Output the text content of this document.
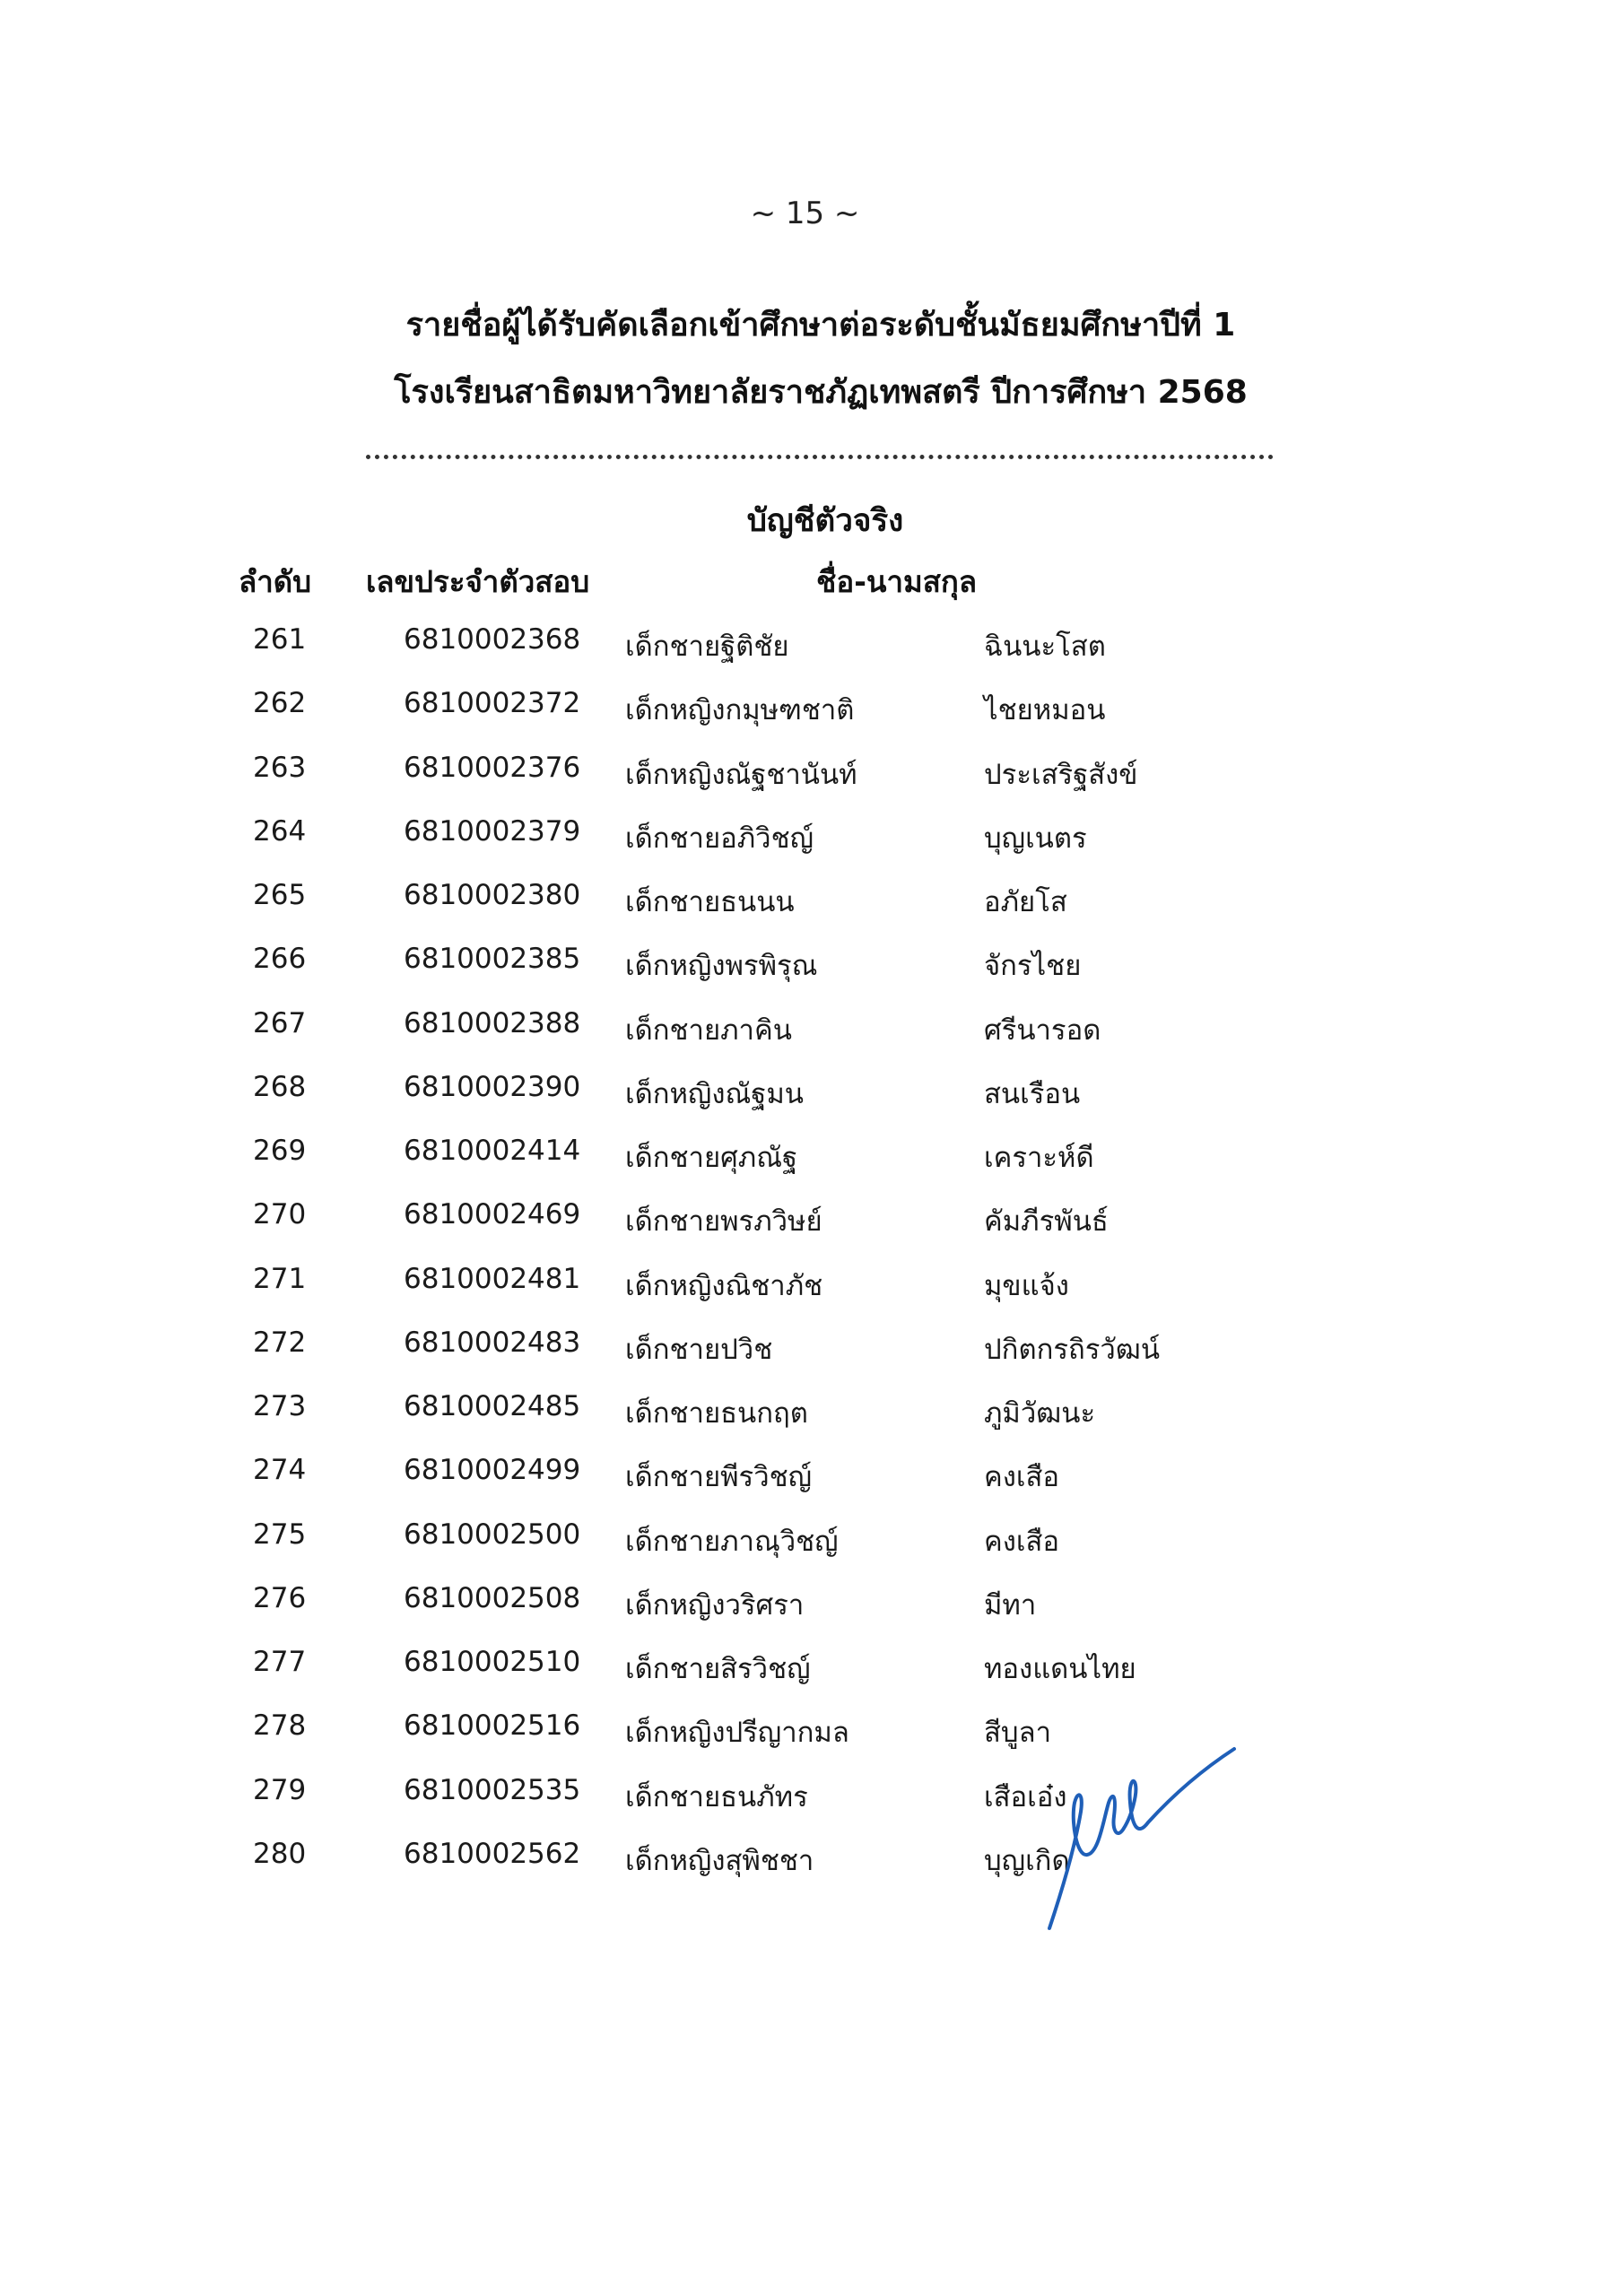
~ 15 ~
รายชื่อผู้ได้รับคัดเลือกเข้าศึกษาต่อระดับชั้นมัธยมศึกษาปีที่ 1
โรงเรียนสาธิตมหาวิทยาลัยราชภัฏเทพสตรี ปีการศึกษา 2568
บัญชีตัวจริง
ลำดับ เลขประจำตัวสอบ	ชื่อ-นามสกุล
261	6810002368 เด็กชายฐิติชัย	ฉินนะโสต
262	6810002372 เด็กหญิงกมุษฑชาติ	ไชยหมอน
263	6810002376 เด็กหญิงณัฐชานันท์	ประเสริฐสังข์
264	6810002379 เด็กชายอภิวิชญ์	บุญเนตร
265	6810002380 เด็กชายธนนน	อภัยโส
266	6810002385 เด็กหญิงพรพิรุณ	จักรไชย
267	6810002388 เด็กชายภาคิน	ศรีนารอด
268	6810002390 เด็กหญิงณัฐมน	สนเรือน
269	6810002414 เด็กชายศุภณัฐ	เคราะห์ดี
270	6810002469 เด็กชายพรภวิษย์	คัมภีรพันธ์
271	6810002481 เด็กหญิงณิชาภัช	มุขแจ้ง
272	6810002483 เด็กชายปวิช	ปกิตกรถิรวัฒน์
273	6810002485 เด็กชายธนกฤต	ภูมิวัฒนะ
274	6810002499 เด็กชายพีรวิชญ์	คงเสือ
275	6810002500 เด็กชายภาณุวิชญ์	คงเสือ
276	6810002508 เด็กหญิงวริศรา	มีทา
277	6810002510 เด็กชายสิรวิชญ์	ทองแดนไทย
278	6810002516 เด็กหญิงปรีญากมล	สีบูลา
279	6810002535 เด็กชายธนภัทร	เสือเอ๋ง
280	6810002562 เด็กหญิงสุพิชชา	บุญเกิด
